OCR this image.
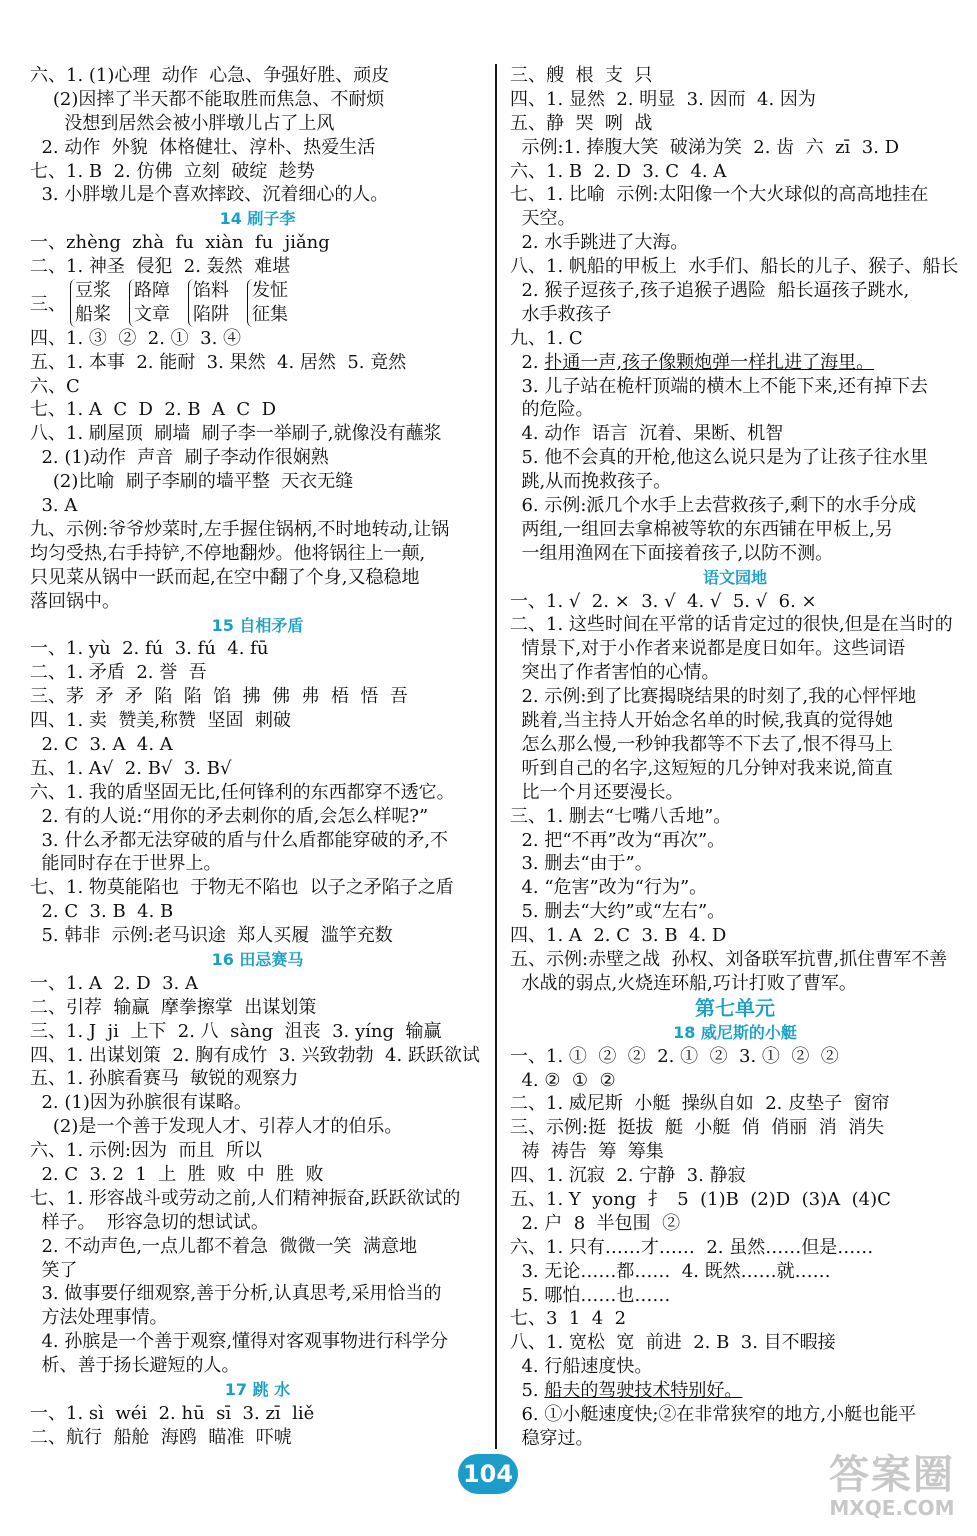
六、1. (1)心理  动作  心急、争强好胜、顽皮
(2)因摔了半天都不能取胜而焦急、不耐烦
没想到居然会被小胖墩儿占了上风
2. 动作  外貌  体格健壮、淳朴、热爱生活
七、1. B  2. 仿佛  立刻  破绽  趁势
3. 小胖墩儿是个喜欢摔跤、沉着细心的人。
14 刷子李
一、zhèng  zhà  fu  xiàn  fu  jiǎng
二、1. 神圣  侵犯  2. 轰然  难堪
三、
豆浆
船桨
路障
文章
馅料
陷阱
发怔
征集
四、1. ③  ②  2. ①  3. ④
五、1. 本事  2. 能耐  3. 果然  4. 居然  5. 竟然
六、C
七、1. A  C  D  2. B  A  C  D
八、1. 刷屋顶  刷墙  刷子李一举刷子,就像没有蘸浆
2. (1)动作  声音  刷子李动作很娴熟
(2)比喻  刷子李刷的墙平整  天衣无缝
3. A
九、示例:爷爷炒菜时,左手握住锅柄,不时地转动,让锅
均匀受热,右手持铲,不停地翻炒。他将锅往上一颠,
只见菜从锅中一跃而起,在空中翻了个身,又稳稳地
落回锅中。
15 自相矛盾
一、1. yù  2. fú  3. fú  4. fū
二、1. 矛盾  2. 誉  吾
三、茅  矛  矛  陷  陷  馅  拂  佛  弗  梧  悟  吾
四、1. 卖  赞美,称赞  坚固  刺破
2. C  3. A  4. A
五、1. A√  2. B√  3. B√
六、1. 我的盾坚固无比,任何锋利的东西都穿不透它。
2. 有的人说:“用你的矛去刺你的盾,会怎么样呢?”
3. 什么矛都无法穿破的盾与什么盾都能穿破的矛,不
能同时存在于世界上。
七、1. 物莫能陷也  于物无不陷也  以子之矛陷子之盾
2. C  3. B  4. B
5. 韩非  示例:老马识途  郑人买履  滥竽充数
16 田忌赛马
一、1. A  2. D  3. A
二、引荐  输赢  摩拳擦掌  出谋划策
三、1. J  ji  上下  2. 八  sàng  沮丧  3. yíng  输赢
四、1. 出谋划策  2. 胸有成竹  3. 兴致勃勃  4. 跃跃欲试
五、1. 孙膑看赛马  敏锐的观察力
2. (1)因为孙膑很有谋略。
(2)是一个善于发现人才、引荐人才的伯乐。
六、1. 示例:因为  而且  所以
2. C  3. 2  1  上  胜  败  中  胜  败
七、1. 形容战斗或劳动之前,人们精神振奋,跃跃欲试的
样子。  形容急切的想试试。
2. 不动声色,一点儿都不着急  微微一笑  满意地
笑了
3. 做事要仔细观察,善于分析,认真思考,采用恰当的
方法处理事情。
4. 孙膑是一个善于观察,懂得对客观事物进行科学分
析、善于扬长避短的人。
17 跳 水
一、1. sì  wéi  2. hū  sī  3. zī  liě
二、航行  船舱  海鸥  瞄准  吓唬
三、艘  根  支  只
四、1. 显然  2. 明显  3. 因而  4. 因为
五、静  哭  咧  战
示例:1. 捧腹大笑  破涕为笑  2. 齿  六  zī  3. D
六、1. B  2. D  3. C  4. A
七、1. 比喻  示例:太阳像一个大火球似的高高地挂在
天空。
2. 水手跳进了大海。
八、1. 帆船的甲板上  水手们、船长的儿子、猴子、船长
2. 猴子逗孩子,孩子追猴子遇险  船长逼孩子跳水,
水手救孩子
九、1. C
2. 扑通一声,孩子像颗炮弹一样扎进了海里。
3. 儿子站在桅杆顶端的横木上不能下来,还有掉下去
的危险。
4. 动作  语言  沉着、果断、机智
5. 他不会真的开枪,他这么说只是为了让孩子往水里
跳,从而挽救孩子。
6. 示例:派几个水手上去营救孩子,剩下的水手分成
两组,一组回去拿棉被等软的东西铺在甲板上,另
一组用渔网在下面接着孩子,以防不测。
语文园地
一、1. √  2. ×  3. √  4. √  5. √  6. ×
二、1. 这些时间在平常的话肯定过的很快,但是在当时的
情景下,对于小作者来说都是度日如年。这些词语
突出了作者害怕的心情。
2. 示例:到了比赛揭晓结果的时刻了,我的心怦怦地
跳着,当主持人开始念名单的时候,我真的觉得她
怎么那么慢,一秒钟我都等不下去了,恨不得马上
听到自己的名字,这短短的几分钟对我来说,简直
比一个月还要漫长。
三、1. 删去“七嘴八舌地”。
2. 把“不再”改为“再次”。
3. 删去“由于”。
4. “危害”改为“行为”。
5. 删去“大约”或“左右”。
四、1. A  2. C  3. B  4. D
五、示例:赤壁之战  孙权、刘备联军抗曹,抓住曹军不善
水战的弱点,火烧连环船,巧计打败了曹军。
第七单元
18 威尼斯的小艇
一、1. ①  ②  ②  2. ①  ②  3. ①  ②  ②
4. ②  ①  ②
二、1. 威尼斯  小艇  操纵自如  2. 皮垫子  窗帘
三、示例:挺  挺拔  艇  小艇  俏  俏丽  消  消失
祷  祷告  筹  筹集
四、1. 沉寂  2. 宁静  3. 静寂
五、1. Y  yong  扌  5  (1)B  (2)D  (3)A  (4)C
2. 户  8  半包围  ②
六、1. 只有……才……  2. 虽然……但是……
3. 无论……都……  4. 既然……就……
5. 哪怕……也……
七、3  1  4  2
八、1. 宽松  宽  前进  2. B  3. 目不暇接
4. 行船速度快。
5. 船夫的驾驶技术特别好。
6. ①小艇速度快;②在非常狭窄的地方,小艇也能平
稳穿过。
104	答案圈
MXQE.COM
